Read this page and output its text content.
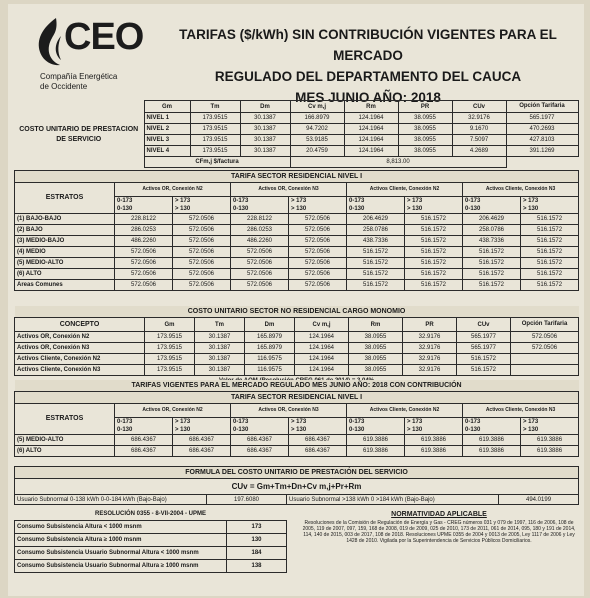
CEO
Compañía Energética
de Occidente
TARIFAS ($/kWh) SIN CONTRIBUCIÓN VIGENTES PARA EL MERCADO
REGULADO DEL DEPARTAMENTO DEL CAUCA
MES JUNIO AÑO: 2018
	Gm	Tm	Dm	Cv m,j	Rm	PR	CUv	Opción Tarifaria	
COSTO UNITARIO DE PRESTACION DE SERVICIO	NIVEL 1	173.9515	30.1387	166.8979	124.1964	38.0955	32.9176	565.1977	
	NIVEL 2	173.9515	30.1387	94.7202	124.1964	38.0955	9.1670	470.2693	
	NIVEL 3	173.9515	30.1387	53.9185	124.1964	38.0955	7.5097	427.8103	
	NIVEL 4	173.9515	30.1387	20.4759	124.1964	38.0955	4.2689	391.1269	
	CFm,j $/factura			8,813.00					
TARIFA SECTOR RESIDENCIAL NIVEL I								
ESTRATOS	Activos OR, Conexión N2		Activos OR, Conexión N3		Activos Cliente, Conexión N2		Activos Cliente, Conexión N3	
	0-173	> 173	0-173	> 173	0-173	> 173	0-173	> 173
	0-130	> 130	0-130	> 130	0-130	> 130	0-130	> 130
(1) BAJO-BAJO	228.8122	572.0506	228.8122	572.0506	206.4629	516.1572	206.4629	516.1572
(2) BAJO	286.0253	572.0506	286.0253	572.0506	258.0786	516.1572	258.0786	516.1572
(3) MEDIO-BAJO	486.2260	572.0506	486.2260	572.0506	438.7336	516.1572	438.7336	516.1572
(4) MEDIO	572.0506	572.0506	572.0506	572.0506	516.1572	516.1572	516.1572	516.1572
(5) MEDIO-ALTO	572.0506	572.0506	572.0506	572.0506	516.1572	516.1572	516.1572	516.1572
(6) ALTO	572.0506	572.0506	572.0506	572.0506	516.1572	516.1572	516.1572	516.1572
Areas Comunes	572.0506	572.0506	572.0506	572.0506	516.1572	516.1572	516.1572	516.1572
COSTO UNITARIO SECTOR NO RESIDENCIAL CARGO MONOMIO								
CONCEPTO	Gm	Tm	Dm	Cv m,j	Rm	PR	CUv	Opción Tarifaria
Activos OR, Conexión N2	173.9515	30.1387	165.8979	124.1964	38.0955	32.9176	565.1977	572.0506
Activos OR, Conexión N3	173.9515	30.1387	165.8979	124.1964	38.0955	32.9176	565.1977	572.0506
Activos Cliente, Conexión N2	173.9515	30.1387	116.9575	124.1964	38.0955	32.9176	516.1572	
Activos Cliente, Conexión N3	173.9515	30.1387	116.9575	124.1964	38.0955	32.9176	516.1572	

TARIFAS VIGENTES PARA EL MERCADO REGULADO MES JUNIO AÑO: 2018 CON CONTRIBUCIÓN								
TARIFA SECTOR RESIDENCIAL NIVEL I								
ESTRATOS	Activos OR, Conexión N2		Activos OR, Conexión N3		Activos Cliente, Conexión N2		Activos Cliente, Conexión N3	
	0-173	> 173	0-173	> 173	0-173	> 173	0-173	> 173
	0-130	> 130	0-130	> 130	0-130	> 130	0-130	> 130
(5) MEDIO-ALTO	686.4367	686.4367	686.4367	686.4367	619.3886	619.3886	619.3886	619.3886
(6) ALTO	686.4367	686.4367	686.4367	686.4367	619.3886	619.3886	619.3886	619.3886
FORMULA DEL COSTO UNITARIO DE PRESTACIÓN DEL SERVICIO
CUv = Gm+Tm+Dn+Cv m,j+Pr+Rm
Usuario Subnormal 0-138 kWh 0-0-184 kWh (Bajo-Bajo)	197.6080	Usuario Subnormal >138 kWh 0 >184 kWh (Bajo-Bajo)	494.0199
RESOLUCIÓN 0355 - 8-VII-2004 - UPME	
Consumo Subsistencia Altura < 1000 msnm	173
Consumo Subsistencia Altura ≥ 1000 msnm	130
Consumo Subsistencia Usuario Subnormal Altura < 1000 msnm	184
Consumo Subsistencia Usuario Subnormal Altura ≥ 1000 msnm	138
NORMATIVIDAD APLICABLE
Resoluciones de la Comisión de Regulación de Energía y Gas - CREG números 031 y 079 de 1997, 116 de 2006, 108 de 2005, 119 de 2007, 097, 159, 168 de 2008, 019 de 2009, 025 de 2010, 173 de 2011, 061 de 2014, 095, 180 y 191 de 2014, 114, 140 de 2015, 003 de 2017, 108 de 2018. Resoluciones UPME 0355 de 2004 y 0013 de 2005, Ley 1117 de 2006 y Ley 1428 de 2010. Vigilada por la Superintendencia de Servicios Públicos Domiciliarios.
